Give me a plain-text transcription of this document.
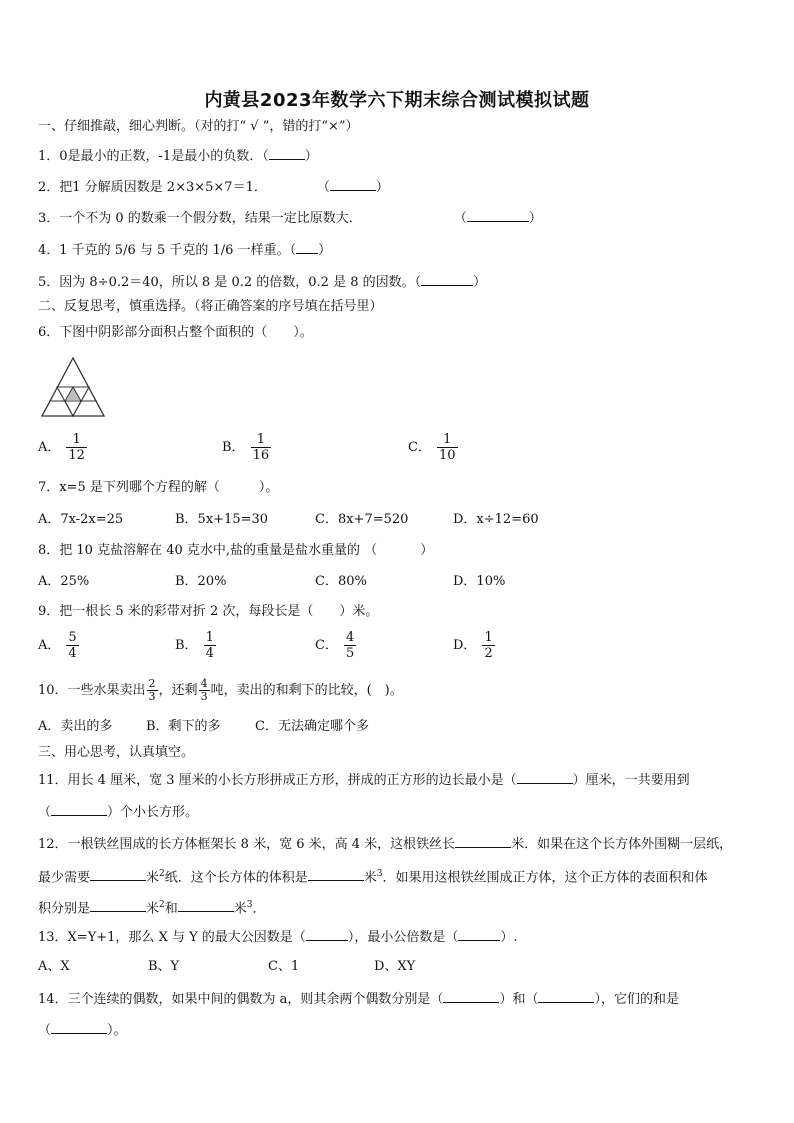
内黄县2023年数学六下期末综合测试模拟试题
一、仔细推敲，细心判断。（对的打“ √ ”，错的打“×”）
1．0是最小的正数，-1是最小的负数．（	）
2．把1 分解质因数是 2×3×5×7＝1．	（	）
3．一个不为 0 的数乘一个假分数，结果一定比原数大．	（	）
4．1 千克的 5/6 与 5 千克的 1/6 一样重。（ ）
5．因为 8÷0.2＝40，所以 8 是 0.2 的倍数，0.2 是 8 的因数。（	）
二、反复思考，慎重选择。（将正确答案的序号填在括号里）
6．下图中阴影部分面积占整个面积的（　　）。
A． $\frac{1}{12}$	B． $\frac{1}{16}$	C． $\frac{1}{10}$
7．x=5 是下列哪个方程的解（　　　）。
A．7x-2x=25	B．5x+15=30	C．8x+7=520	D．x÷12=60
8．把 10 克盐溶解在 40 克水中,盐的重量是盐水重量的 （　　　 ）
A．25%	B．20%	C．80%	D．10%
9．把一根长 5 米的彩带对折 2 次，每段长是（　　）米。
A． $\frac{5}{4}$	B． $\frac{1}{4}$	C． $\frac{4}{5}$	D． $\frac{1}{2}$
10．一些水果卖出 $\frac{2}{3}$ ，还剩 $\frac{4}{3}$ 吨，卖出的和剩下的比较，(　)。
A．卖出的多	B．剩下的多	C．无法确定哪个多
三、用心思考，认真填空。
11．用长 4 厘米，宽 3 厘米的小长方形拼成正方形，拼成的正方形的边长最小是（	）厘米，一共要用到
（	）个小长方形。
12．一根铁丝围成的长方体框架长 8 米，宽 6 米，高 4 米，这根铁丝长	米．如果在这个长方体外围糊一层纸，
最少需要	米$^2$纸．这个长方体的体积是	米$^3$．如果用这根铁丝围成正方体，这个正方体的表面积和体
积分别是	米$^2$和	米$^3$．
13．X=Y+1，那么 X 与 Y 的最大公因数是（	），最小公倍数是（	）.
A、X	B、Y	C、1	D、XY
14．三个连续的偶数，如果中间的偶数为 a，则其余两个偶数分别是（	）和（	），它们的和是
（	）。
